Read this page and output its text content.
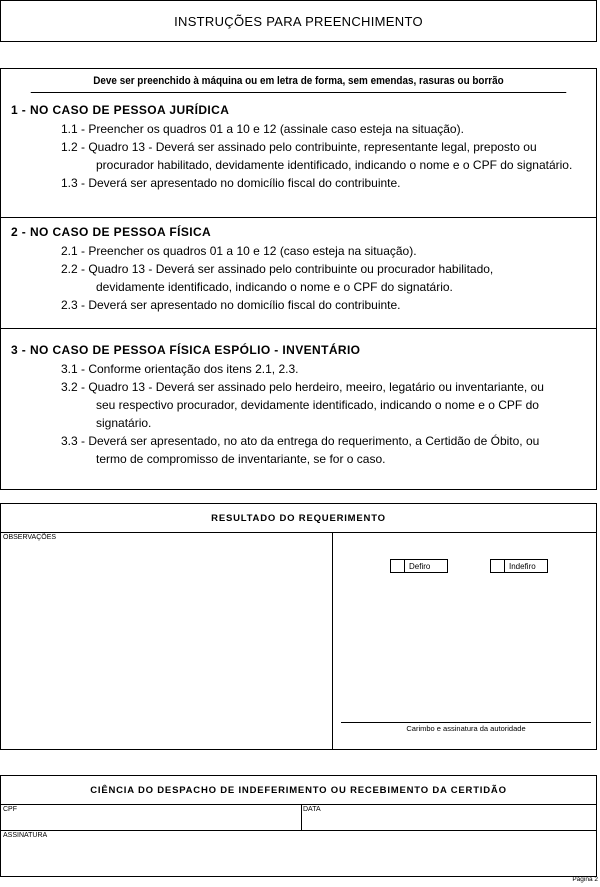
INSTRUÇÕES PARA PREENCHIMENTO
Deve ser preenchido à máquina ou em letra de forma, sem emendas, rasuras ou borrão
1 - NO CASO DE PESSOA JURÍDICA
1.1 - Preencher os quadros 01 a 10 e 12 (assinale caso esteja na situação).
1.2 - Quadro 13 - Deverá ser assinado pelo contribuinte, representante legal, preposto ou
procurador habilitado, devidamente identificado, indicando o nome e o CPF do signatário.
1.3 - Deverá ser apresentado no domicílio fiscal do contribuinte.
2 - NO CASO DE PESSOA FÍSICA
2.1 - Preencher os quadros 01 a 10 e 12 (caso esteja na situação).
2.2 - Quadro 13 - Deverá ser assinado pelo contribuinte ou procurador habilitado,
devidamente identificado, indicando o nome e o CPF do signatário.
2.3 - Deverá ser apresentado no domicílio fiscal do contribuinte.
3 - NO CASO DE PESSOA FÍSICA ESPÓLIO - INVENTÁRIO
3.1 - Conforme orientação dos itens 2.1, 2.3.
3.2 - Quadro 13 - Deverá ser assinado pelo herdeiro, meeiro, legatário ou inventariante, ou
seu respectivo procurador, devidamente identificado, indicando o nome e o CPF do signatário.
3.3 - Deverá ser apresentado, no ato da entrega do requerimento, a Certidão de Óbito, ou
termo de compromisso de inventariante, se for o caso.
RESULTADO DO REQUERIMENTO
OBSERVAÇÕES
Defiro	Indefiro
Carimbo e assinatura da autoridade
CIÊNCIA DO DESPACHO DE INDEFERIMENTO OU RECEBIMENTO DA CERTIDÃO
CPF	DATA
ASSINATURA
Página 2
